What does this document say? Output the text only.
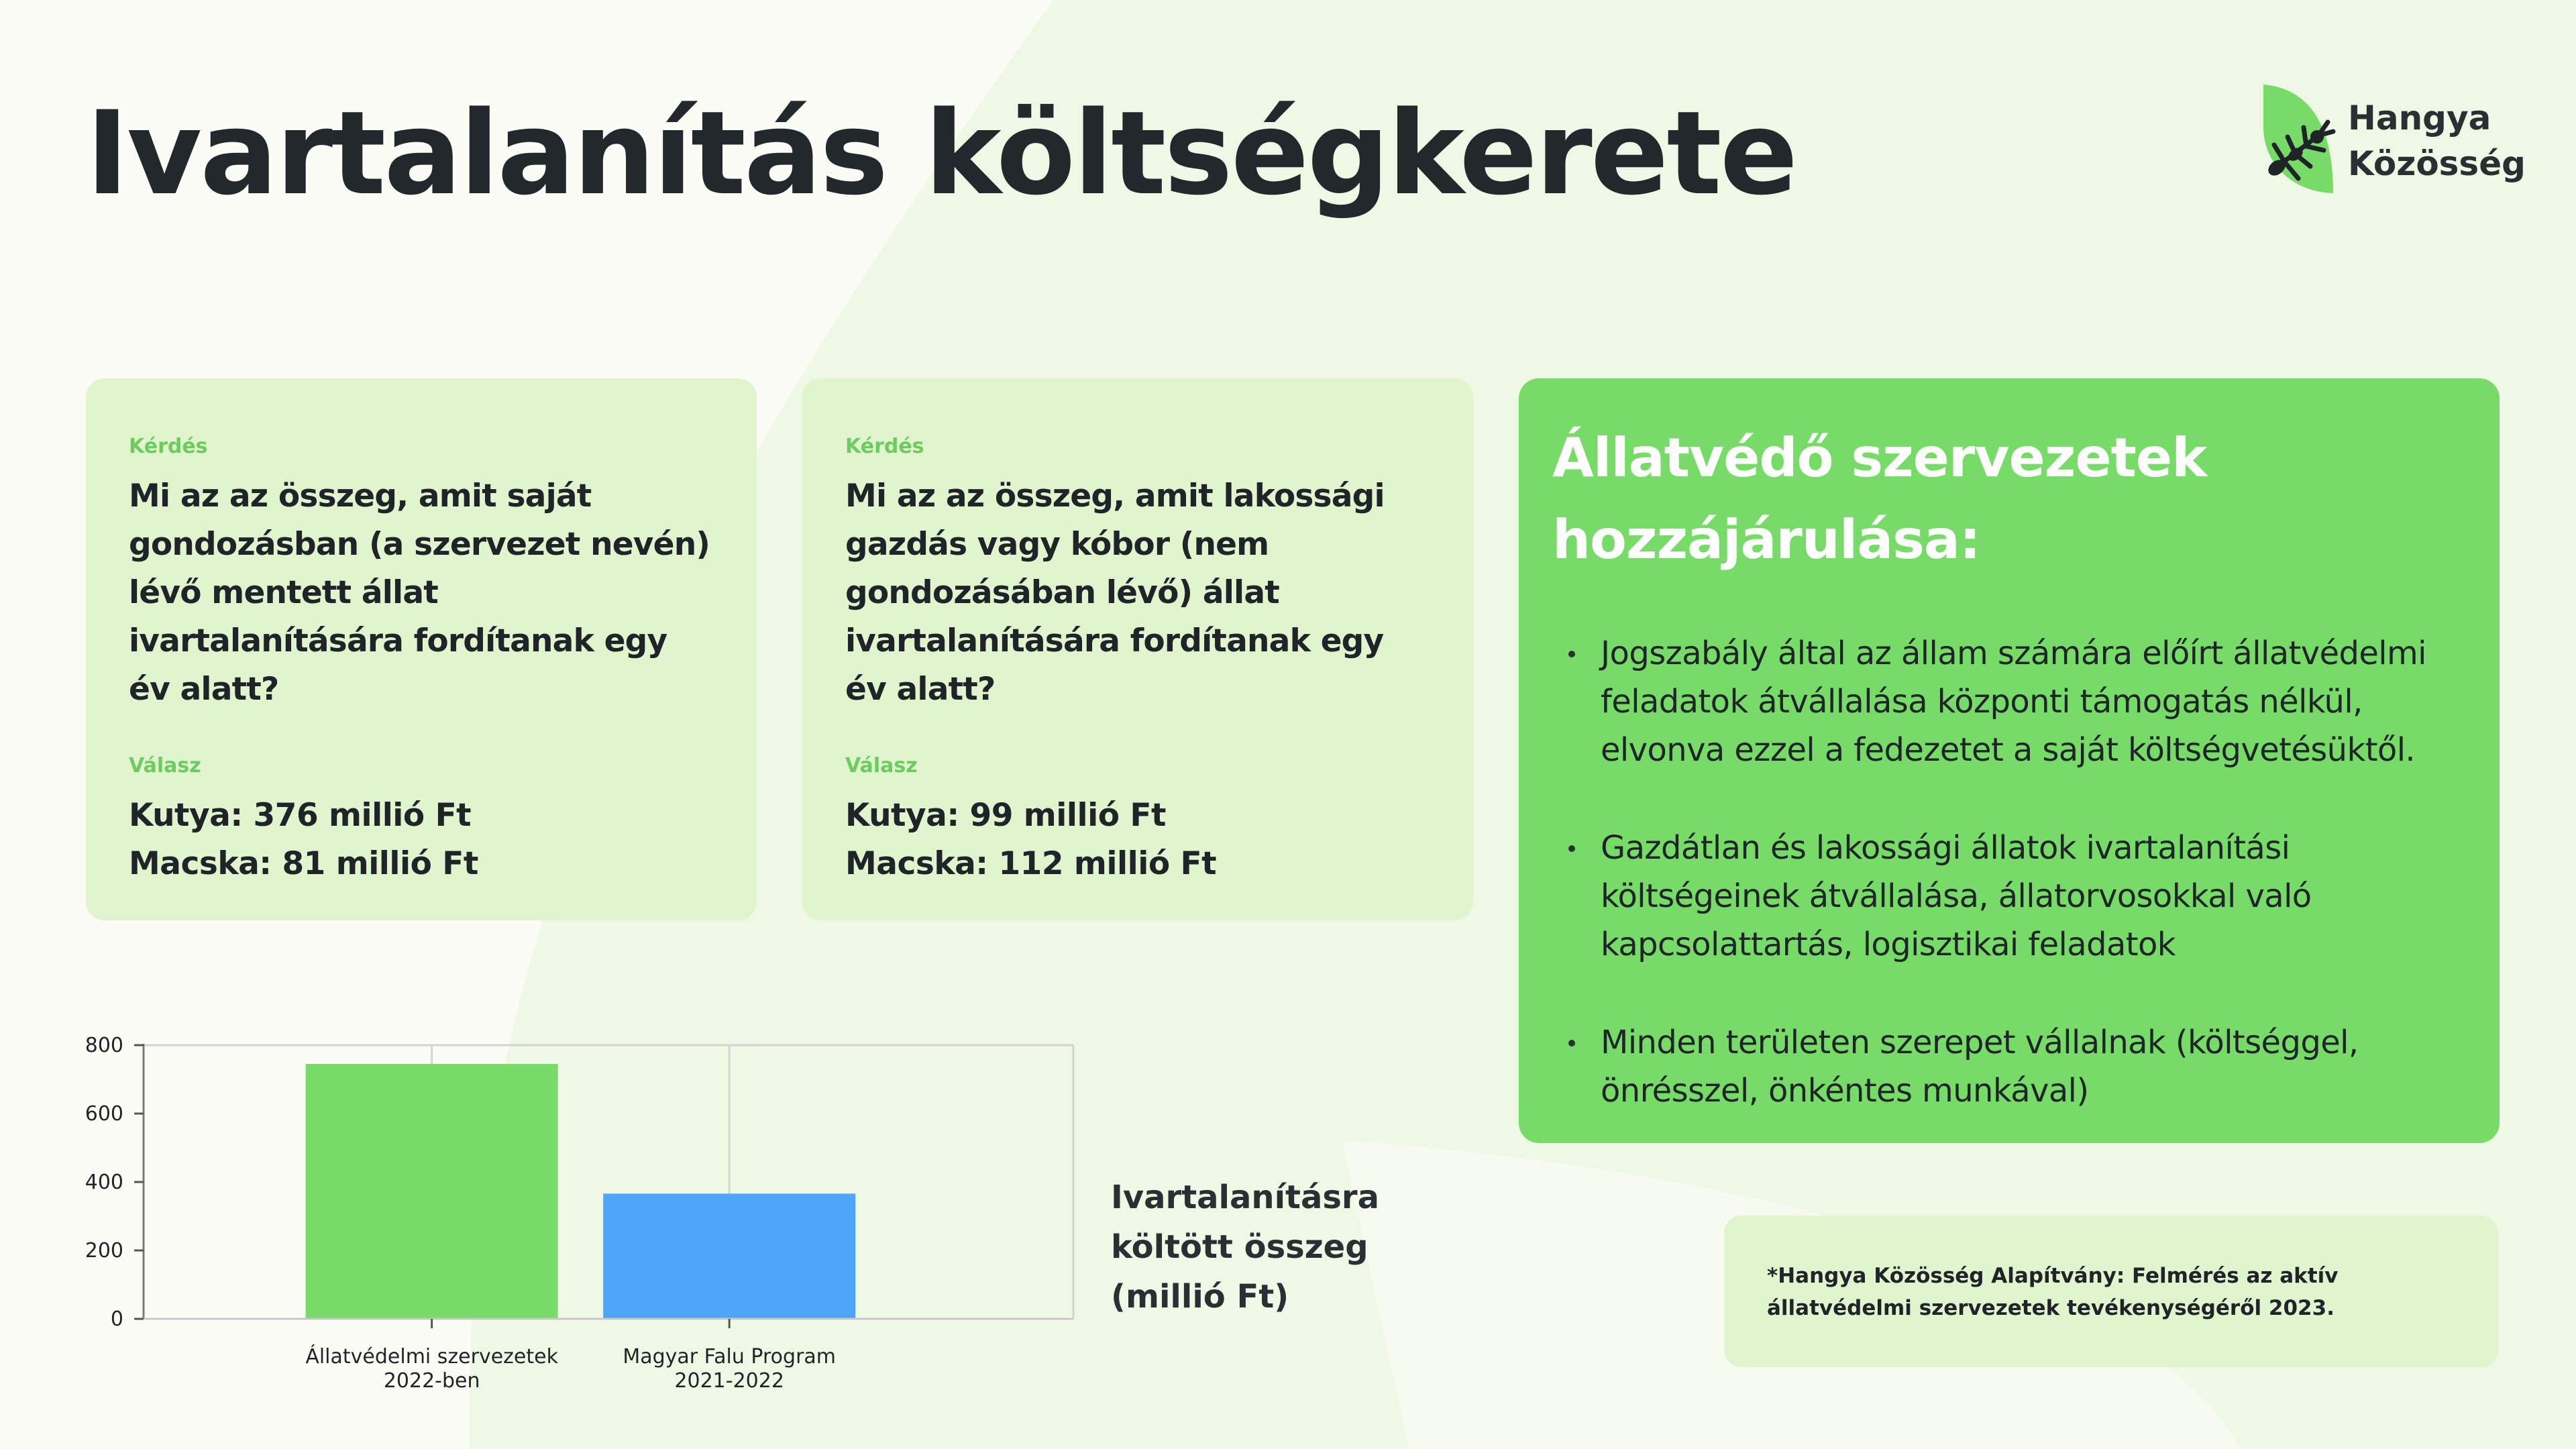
Ivartalanítás költségkerete	Hangya
Közösség

Kérdés

Mi az az összeg, amit saját gondozásban (a szervezet nevén) lévő mentett állat ivartalanítására fordítanak egy év alatt?

Válasz

Kutya: 376 millió Ft

Macska: 81 millió Ft

Kérdés

Mi az az összeg, amit lakossági gazdás vagy kóbor (nem gondozásában lévő) állat ivartalanítására fordítanak egy év alatt?

Válasz

Kutya: 99 millió Ft

Macska: 112 millió Ft

Állatvédő szervezetek hozzájárulása:
Jogszabály által az állam számára előírt állatvédelmi feladatok átvállalása központi támogatás nélkül, elvonva ezzel a fedezetet a saját költségvetésüktől.
Gazdátlan és lakossági állatok ivartalanítási költségeinek átvállalása, állatorvosokkal való kapcsolattartás, logisztikai feladatok
Minden területen szerepet vállalnak (költséggel, önrésszel, önkéntes munkával)
0
200
400
600
800
Állatvédelmi szervezetek
2022-ben
Magyar Falu Program
2021-2022
Ivartalanításra költött összeg (millió Ft)

*Hangya Közösség Alapítvány: Felmérés az aktív állatvédelmi szervezetek tevékenységéről 2023.
